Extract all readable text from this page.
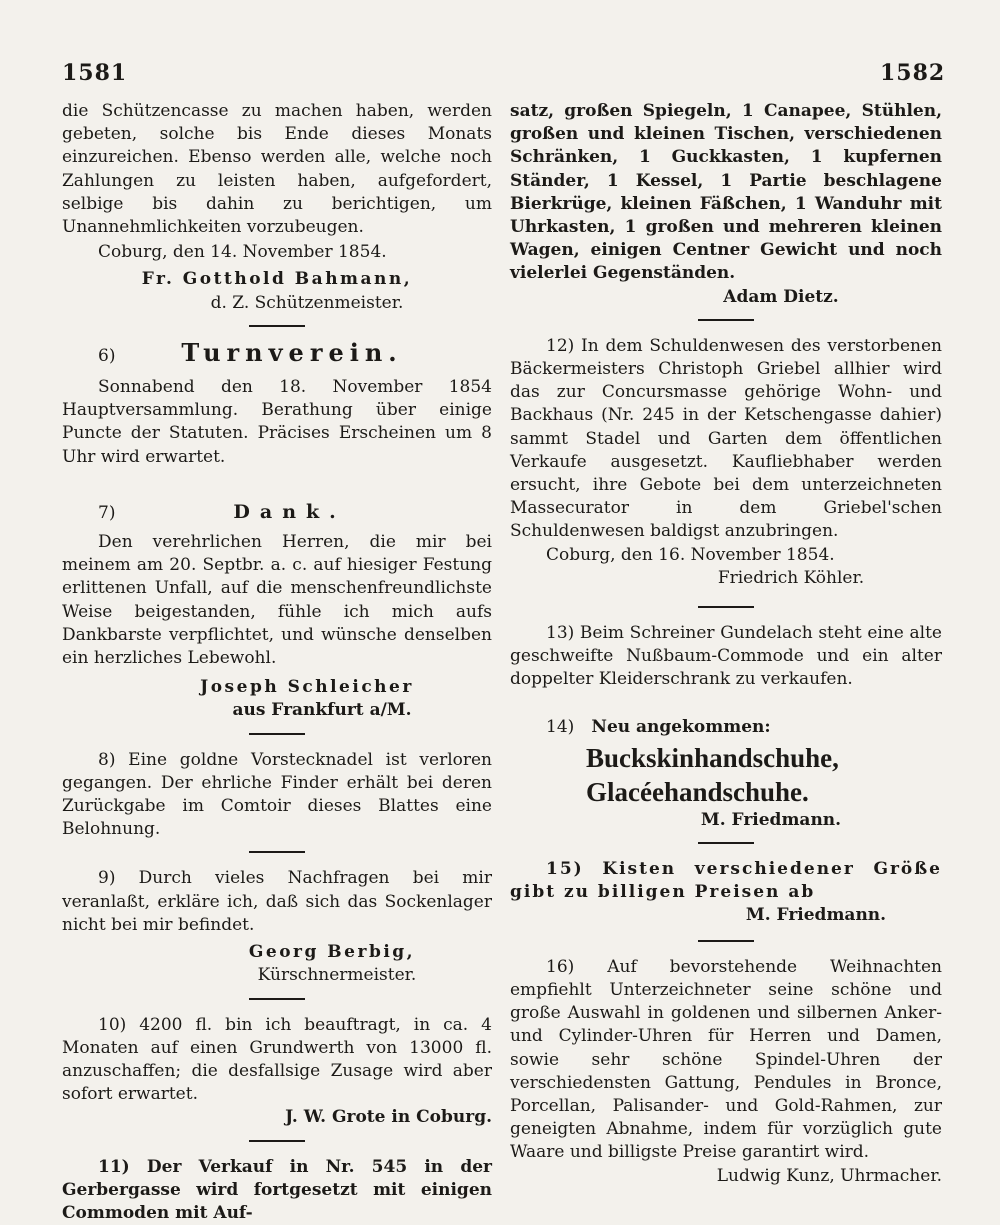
1581	1582

die Schützencasse zu machen haben, werden gebeten, solche bis Ende dieses Monats einzureichen. Ebenso werden alle, welche noch Zahlungen zu leisten haben, aufgefordert, selbige bis dahin zu berichtigen, um Unannehmlichkeiten vorzubeugen.

Coburg, den 14. November 1854.

Fr. Gotthold Bahmann,

d. Z. Schützenmeister.

6)	Turnverein.

Sonnabend den 18. November 1854 Hauptversammlung. Berathung über einige Puncte der Statuten. Präcises Erscheinen um 8 Uhr wird erwartet.

7)	Dank.

Den verehrlichen Herren, die mir bei meinem am 20. Septbr. a. c. auf hiesiger Festung erlittenen Unfall, auf die menschenfreundlichste Weise beigestanden, fühle ich mich aufs Dankbarste verpflichtet, und wünsche denselben ein herzliches Lebewohl.

Joseph Schleicher

aus Frankfurt a/M.

8) Eine goldne Vorstecknadel ist verloren gegangen. Der ehrliche Finder erhält bei deren Zurückgabe im Comtoir dieses Blattes eine Belohnung.

9) Durch vieles Nachfragen bei mir veranlaßt, erkläre ich, daß sich das Sockenlager nicht bei mir befindet.

Georg Berbig,

Kürschnermeister.

10) 4200 fl. bin ich beauftragt, in ca. 4 Monaten auf einen Grundwerth von 13000 fl. anzuschaffen; die desfallsige Zusage wird aber sofort erwartet.

J. W. Grote in Coburg.

11) Der Verkauf in Nr. 545 in der Gerbergasse wird fortgesetzt mit einigen Commoden mit Auf-

satz, großen Spiegeln, 1 Canapee, Stühlen, großen und kleinen Tischen, verschiedenen Schränken, 1 Guckkasten, 1 kupfernen Ständer, 1 Kessel, 1 Partie beschlagene Bierkrüge, kleinen Fäßchen, 1 Wanduhr mit Uhrkasten, 1 großen und mehreren kleinen Wagen, einigen Centner Gewicht und noch vielerlei Gegenständen.

Adam Dietz.

12) In dem Schuldenwesen des verstorbenen Bäckermeisters Christoph Griebel allhier wird das zur Concursmasse gehörige Wohn- und Backhaus (Nr. 245 in der Ketschengasse dahier) sammt Stadel und Garten dem öffentlichen Verkaufe ausgesetzt. Kaufliebhaber werden ersucht, ihre Gebote bei dem unterzeichneten Massecurator in dem Griebel'schen Schuldenwesen baldigst anzubringen.

Coburg, den 16. November 1854.

Friedrich Köhler.

13) Beim Schreiner Gundelach steht eine alte geschweifte Nußbaum-Commode und ein alter doppelter Kleiderschrank zu verkaufen.

14) Neu angekommen:

Buckskinhandschuhe,

Glacéehandschuhe.

M. Friedmann.

15) Kisten verschiedener Größe gibt zu billigen Preisen ab

M. Friedmann.

16) Auf bevorstehende Weihnachten empfiehlt Unterzeichneter seine schöne und große Auswahl in goldenen und silbernen Anker- und Cylinder-Uhren für Herren und Damen, sowie sehr schöne Spindel-Uhren der verschiedensten Gattung, Pendules in Bronce, Porcellan, Palisander- und Gold-Rahmen, zur geneigten Abnahme, indem für vorzüglich gute Waare und billigste Preise garantirt wird.

Ludwig Kunz, Uhrmacher.
